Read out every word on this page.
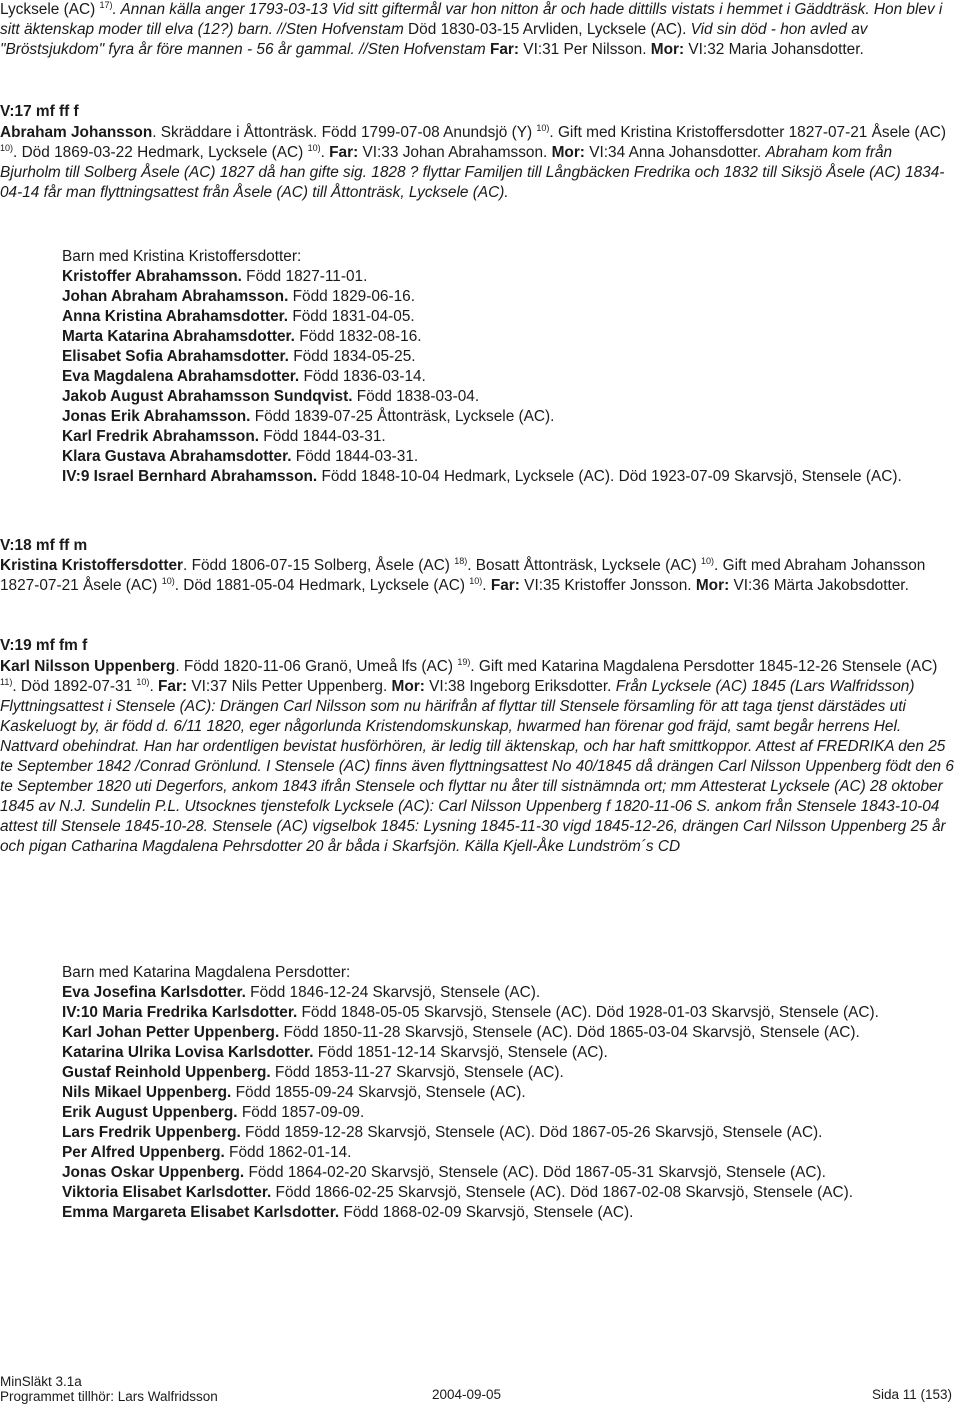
Lycksele (AC) $^{17)}$. Annan källa anger 1793-03-13 Vid sitt giftermål var hon nitton år och hade dittills vistats i hemmet i Gäddträsk. Hon blev i sitt äktenskap moder till elva (12?) barn. //Sten Hofvenstam Död 1830-03-15 Arvliden, Lycksele (AC). Vid sin död - hon avled av "Bröstsjukdom" fyra år före mannen - 56 år gammal. //Sten Hofvenstam Far: VI:31 Per Nilsson. Mor: VI:32 Maria Johansdotter.

V:17 mf ff f

Abraham Johansson. Skräddare i Åttonträsk. Född 1799-07-08 Anundsjö (Y) $^{10)}$. Gift med Kristina Kristoffersdotter 1827-07-21 Åsele (AC) $^{10)}$. Död 1869-03-22 Hedmark, Lycksele (AC) $^{10)}$. Far: VI:33 Johan Abrahamsson. Mor: VI:34 Anna Johansdotter. Abraham kom från Bjurholm till Solberg Åsele (AC) 1827 då han gifte sig. 1828 ? flyttar Familjen till Långbäcken Fredrika och 1832 till Siksjö Åsele (AC) 1834-04-14 får man flyttningsattest från Åsele (AC) till Åttonträsk, Lycksele (AC).

Barn med Kristina Kristoffersdotter:

Kristoffer Abrahamsson. Född 1827-11-01.

Johan Abraham Abrahamsson. Född 1829-06-16.

Anna Kristina Abrahamsdotter. Född 1831-04-05.

Marta Katarina Abrahamsdotter. Född 1832-08-16.

Elisabet Sofia Abrahamsdotter. Född 1834-05-25.

Eva Magdalena Abrahamsdotter. Född 1836-03-14.

Jakob August Abrahamsson Sundqvist. Född 1838-03-04.

Jonas Erik Abrahamsson. Född 1839-07-25 Åttonträsk, Lycksele (AC).

Karl Fredrik Abrahamsson. Född 1844-03-31.

Klara Gustava Abrahamsdotter. Född 1844-03-31.

IV:9 Israel Bernhard Abrahamsson. Född 1848-10-04 Hedmark, Lycksele (AC). Död 1923-07-09 Skarvsjö, Stensele (AC).

V:18 mf ff m

Kristina Kristoffersdotter. Född 1806-07-15 Solberg, Åsele (AC) $^{18)}$. Bosatt Åttonträsk, Lycksele (AC) $^{10)}$. Gift med Abraham Johansson 1827-07-21 Åsele (AC) $^{10)}$. Död 1881-05-04 Hedmark, Lycksele (AC) $^{10)}$. Far: VI:35 Kristoffer Jonsson. Mor: VI:36 Märta Jakobsdotter.

V:19 mf fm f

Karl Nilsson Uppenberg. Född 1820-11-06 Granö, Umeå lfs (AC) $^{19)}$. Gift med Katarina Magdalena Persdotter 1845-12-26 Stensele (AC) $^{11)}$. Död 1892-07-31 $^{10)}$. Far: VI:37 Nils Petter Uppenberg. Mor: VI:38 Ingeborg Eriksdotter. Från Lycksele (AC) 1845 (Lars Walfridsson) Flyttningsattest i Stensele (AC): Drängen Carl Nilsson som nu härifrån af flyttar till Stensele församling för att taga tjenst därstädes uti Kaskeluogt by, är född d. 6/11 1820, eger någorlunda Kristendomskunskap, hwarmed han förenar god fräjd, samt begår herrens Hel. Nattvard obehindrat. Han har ordentligen bevistat husförhören, är ledig till äktenskap, och har haft smittkoppor. Attest af FREDRIKA den 25 te September 1842 /Conrad Grönlund. I Stensele (AC) finns även flyttningsattest No 40/1845 då drängen Carl Nilsson Uppenberg födt den 6 te September 1820 uti Degerfors, ankom 1843 ifrån Stensele och flyttar nu åter till sistnämnda ort; mm Attesterat Lycksele (AC) 28 oktober 1845 av N.J. Sundelin P.L. Utsocknes tjenstefolk Lycksele (AC): Carl Nilsson Uppenberg f 1820-11-06 S. ankom från Stensele 1843-10-04 attest till Stensele 1845-10-28. Stensele (AC) vigselbok 1845: Lysning 1845-11-30 vigd 1845-12-26, drängen Carl Nilsson Uppenberg 25 år och pigan Catharina Magdalena Pehrsdotter 20 år båda i Skarfsjön. Källa Kjell-Åke Lundström´s CD

Barn med Katarina Magdalena Persdotter:

Eva Josefina Karlsdotter. Född 1846-12-24 Skarvsjö, Stensele (AC).

IV:10 Maria Fredrika Karlsdotter. Född 1848-05-05 Skarvsjö, Stensele (AC). Död 1928-01-03 Skarvsjö, Stensele (AC).

Karl Johan Petter Uppenberg. Född 1850-11-28 Skarvsjö, Stensele (AC). Död 1865-03-04 Skarvsjö, Stensele (AC).

Katarina Ulrika Lovisa Karlsdotter. Född 1851-12-14 Skarvsjö, Stensele (AC).

Gustaf Reinhold Uppenberg. Född 1853-11-27 Skarvsjö, Stensele (AC).

Nils Mikael Uppenberg. Född 1855-09-24 Skarvsjö, Stensele (AC).

Erik August Uppenberg. Född 1857-09-09.

Lars Fredrik Uppenberg. Född 1859-12-28 Skarvsjö, Stensele (AC). Död 1867-05-26 Skarvsjö, Stensele (AC).

Per Alfred Uppenberg. Född 1862-01-14.

Jonas Oskar Uppenberg. Född 1864-02-20 Skarvsjö, Stensele (AC). Död 1867-05-31 Skarvsjö, Stensele (AC).

Viktoria Elisabet Karlsdotter. Född 1866-02-25 Skarvsjö, Stensele (AC). Död 1867-02-08 Skarvsjö, Stensele (AC).

Emma Margareta Elisabet Karlsdotter. Född 1868-02-09 Skarvsjö, Stensele (AC).

MinSläkt 3.1a
Programmet tillhör: Lars Walfridsson	2004-09-05	Sida 11 (153)
